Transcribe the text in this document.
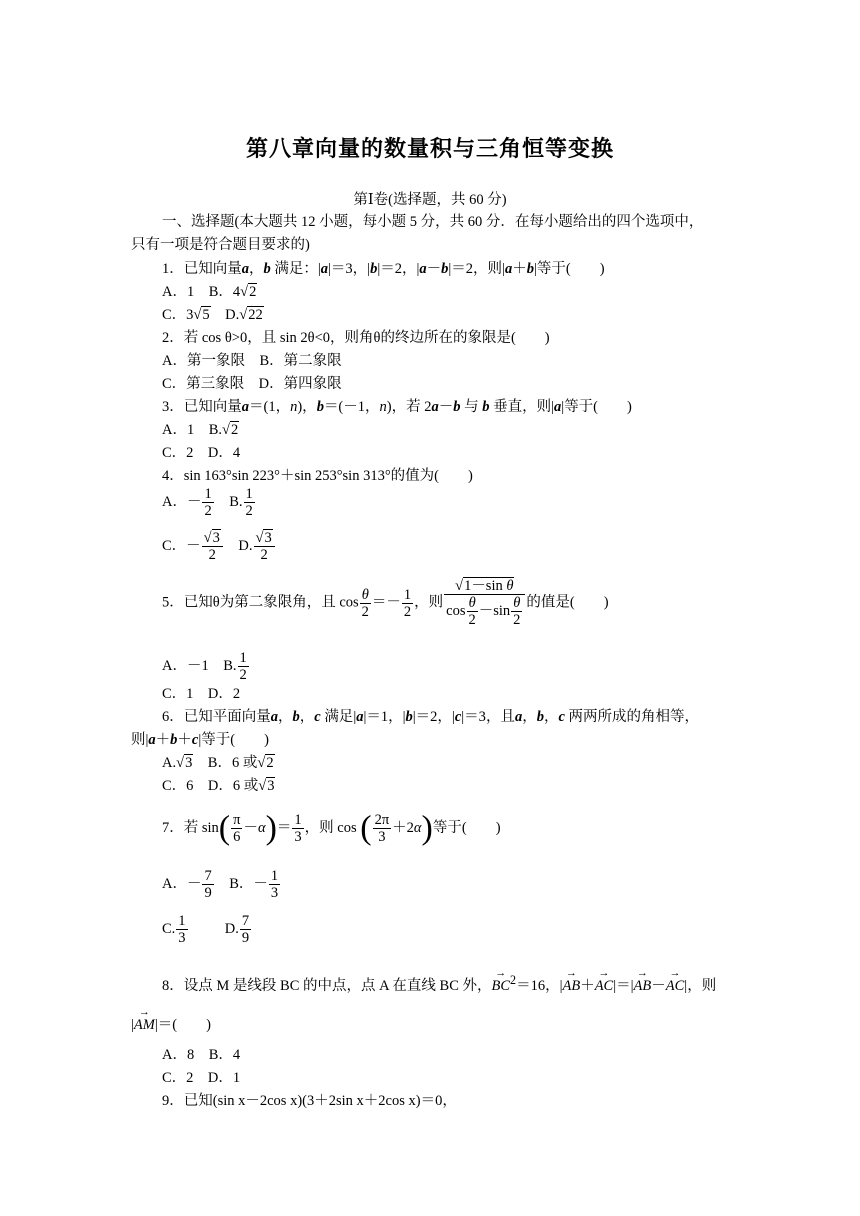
第八章向量的数量积与三角恒等变换
第Ⅰ卷(选择题，共 60 分)
一、选择题(本大题共 12 小题，每小题 5 分，共 60 分．在每小题给出的四个选项中，
只有一项是符合题目要求的)
1．已知向量a，b 满足：|a|＝3，|b|＝2，|a－b|＝2，则|a＋b|等于(　　)
A．1　B．4√2
C．3√5　D.√22
2．若 cos θ>0，且 sin 2θ<0，则角θ的终边所在的象限是(　　)
A．第一象限　B．第二象限
C．第三象限　D．第四象限
3．已知向量a＝(1，n)，b＝(－1，n)，若 2a－b 与 b 垂直，则|a|等于(　　)
A．1　B.√2
C．2　D．4
4．sin 163°sin 223°＋sin 253°sin 313°的值为(　　)
A．－ $\frac{1}{2}$ 　B. $\frac{1}{2}$
C．－ $\frac{√3}{2}$ 　D. $\frac{√3}{2}$
5．已知θ为第二象限角，且 $\cos \frac{\theta}{2} =- \frac{1}{2}$ ，则 $\frac{\text{√1－sin θ}}{\cos \frac{\theta}{2} -\sin \frac{\theta}{2}}$ 的值是(　　)
A．－1　B. $\frac{1}{2}$
C．1　D．2
6．已知平面向量a，b，c 满足|a|＝1，|b|＝2，|c|＝3，且a，b，c 两两所成的角相等，
则|a＋b＋c|等于(　　)
A.√3　B．6 或√2
C．6　D．6 或√3
7．若 $\sin( \frac{\pi}{6} -\alpha)= \frac{1}{3}$ ，则 cos ( $\frac{2\pi}{3} +2\alpha$)等于(　　)
A．－ $\frac{7}{9}$ 　B．－ $\frac{1}{3}$
C. $\frac{1}{3} D$. $\frac{7}{9}$
8．设点 M 是线段 BC 的中点，点 A 在直线 BC 外，→ $BC^2=16$，|→ AB＋→ AC|＝|→ AB－→ AC|，则
|→ AM|＝(　　)
A．8　B．4
C．2　D．1
9．已知(sin x－2cos x)(3＋2sin x＋2cos x)＝0，
